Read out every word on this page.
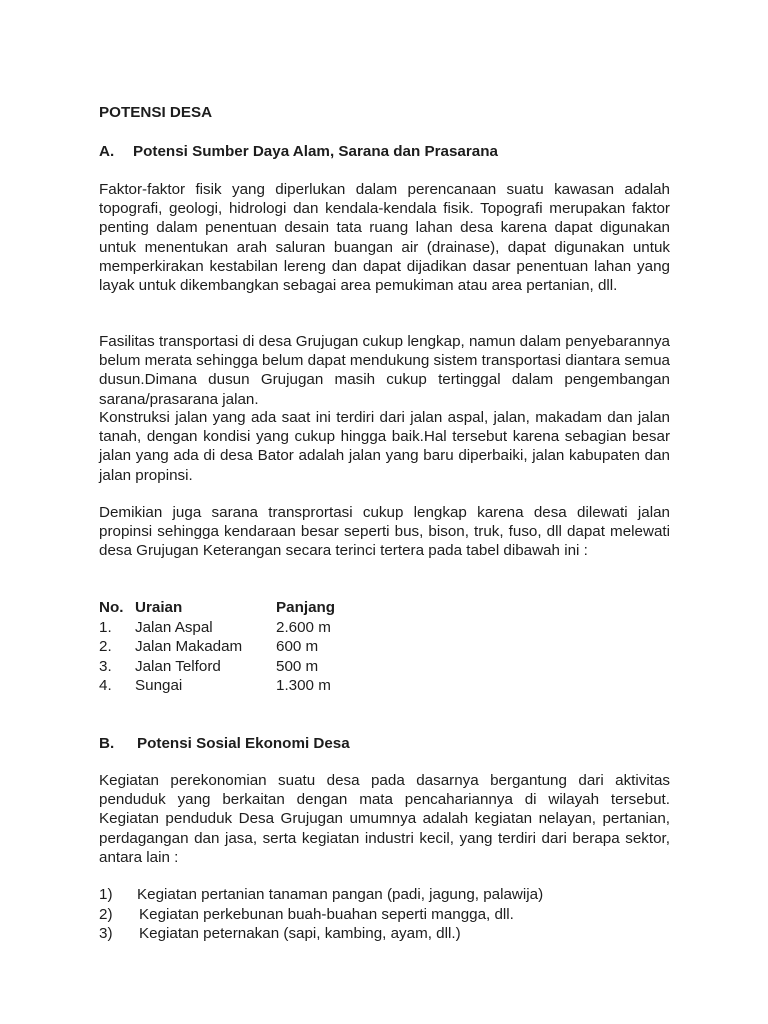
POTENSI DESA

A.	Potensi Sumber Daya Alam, Sarana dan Prasarana

Faktor-faktor fisik yang diperlukan dalam perencanaan suatu kawasan adalah topografi, geologi, hidrologi dan kendala-kendala fisik. Topografi merupakan faktor penting dalam penentuan desain tata ruang lahan desa karena dapat digunakan untuk menentukan arah saluran buangan air (drainase), dapat digunakan untuk memperkirakan kestabilan lereng dan dapat dijadikan dasar penentuan lahan yang layak untuk dikembangkan sebagai area pemukiman atau area pertanian, dll.

Fasilitas transportasi di desa Grujugan cukup lengkap, namun dalam penyebarannya belum merata sehingga belum dapat mendukung sistem transportasi diantara semua dusun.Dimana dusun Grujugan masih cukup tertinggal dalam pengembangan sarana/prasarana jalan.

Konstruksi jalan yang ada saat ini terdiri dari jalan aspal, jalan, makadam dan jalan tanah, dengan kondisi yang cukup hingga baik.Hal tersebut karena sebagian besar jalan yang ada di desa Bator adalah jalan yang baru diperbaiki, jalan kabupaten dan jalan propinsi.

Demikian juga sarana transprortasi cukup lengkap karena desa dilewati jalan propinsi sehingga kendaraan besar seperti bus, bison, truk, fuso, dll dapat melewati desa Grujugan Keterangan secara terinci tertera pada tabel dibawah ini :

No. Uraian	Panjang
1.	Jalan Aspal	2.600 m
2.	Jalan Makadam	600 m
3.	Jalan Telford	500 m
4.	Sungai	1.300 m

B.	Potensi Sosial Ekonomi Desa

Kegiatan perekonomian suatu desa pada dasarnya bergantung dari aktivitas penduduk yang berkaitan dengan mata pencahariannya di wilayah tersebut. Kegiatan penduduk Desa Grujugan umumnya adalah kegiatan nelayan, pertanian, perdagangan dan jasa, serta kegiatan industri kecil, yang terdiri dari berapa sektor, antara lain :

1)	Kegiatan pertanian tanaman pangan (padi, jagung, palawija)
2)	Kegiatan perkebunan buah-buahan seperti mangga, dll.
3)	Kegiatan peternakan (sapi, kambing, ayam, dll.)
